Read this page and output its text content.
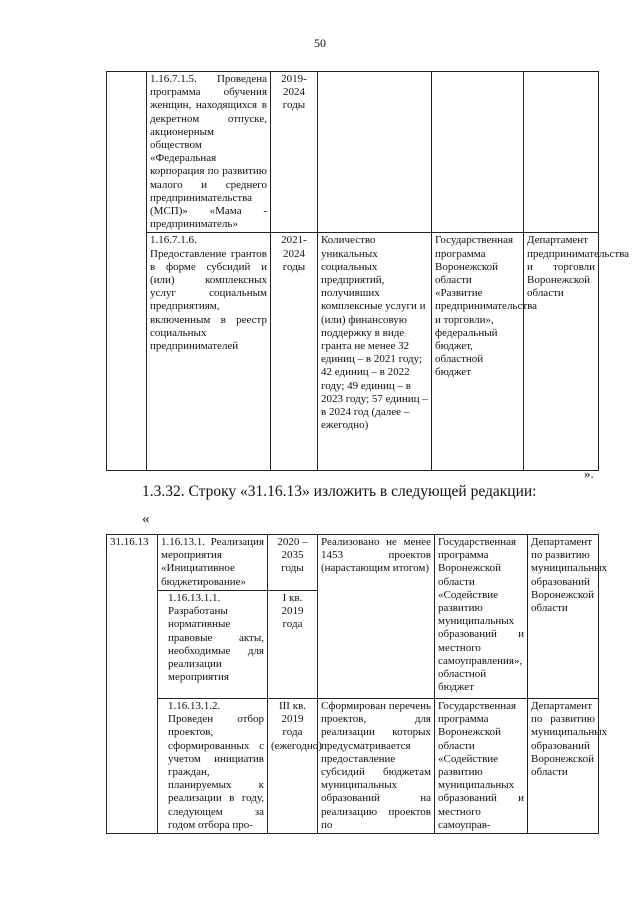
50
	1.16.7.1.5. Проведена программа обучения женщин, находящихся в декретном отпуске, акционерным обществом «Федеральная корпорация по развитию малого и среднего предпринимательства (МСП)» «Мама - предприниматель»	2019-2024 годы			
	1.16.7.1.6. Предоставление грантов в форме субсидий и (или) комплексных услуг социальным предприятиям, включенным в реестр социальных предпринимателей	2021-2024 годы	Количество уникальных социальных предприятий, получивших комплексные услуги и (или) финансовую поддержку в виде гранта не менее 32 единиц – в 2021 году; 42 единиц – в 2022 году; 49 единиц – в 2023 году; 57 единиц – в 2024 год (далее – ежегодно)	Государственная программа Воронежской области «Развитие предпринимательства и торговли», федеральный бюджет, областной бюджет	Департамент предпринимательства и торговли Воронежской области
».
1.3.32. Строку «31.16.13» изложить в следующей редакции:
«
31.16.13	1.16.13.1. Реализация мероприятия «Инициативное бюджетирование»	2020 – 2035 годы	Реализовано не менее 1453 проектов (нарастающим итогом)	Государственная программа Воронежской области «Содействие развитию муниципальных образований и местного самоуправления», областной бюджет	Департамент по развитию муниципальных образований Воронежской области
	1.16.13.1.1. Разработаны нормативные правовые акты, необходимые для реализации мероприятия	I кв. 2019 года			
	1.16.13.1.2. Проведен отбор проектов, сформированных с учетом инициатив граждан, планируемых к реализации в году, следующем за годом отбора про-	III кв. 2019 года (ежегодно)	Сформирован перечень проектов, для реализации которых предусматривается предоставление субсидий бюджетам муниципальных образований на реализацию проектов по	Государственная программа Воронежской области «Содействие развитию муниципальных образований и местного самоуправ-	Департамент по развитию муниципальных образований Воронежской области
